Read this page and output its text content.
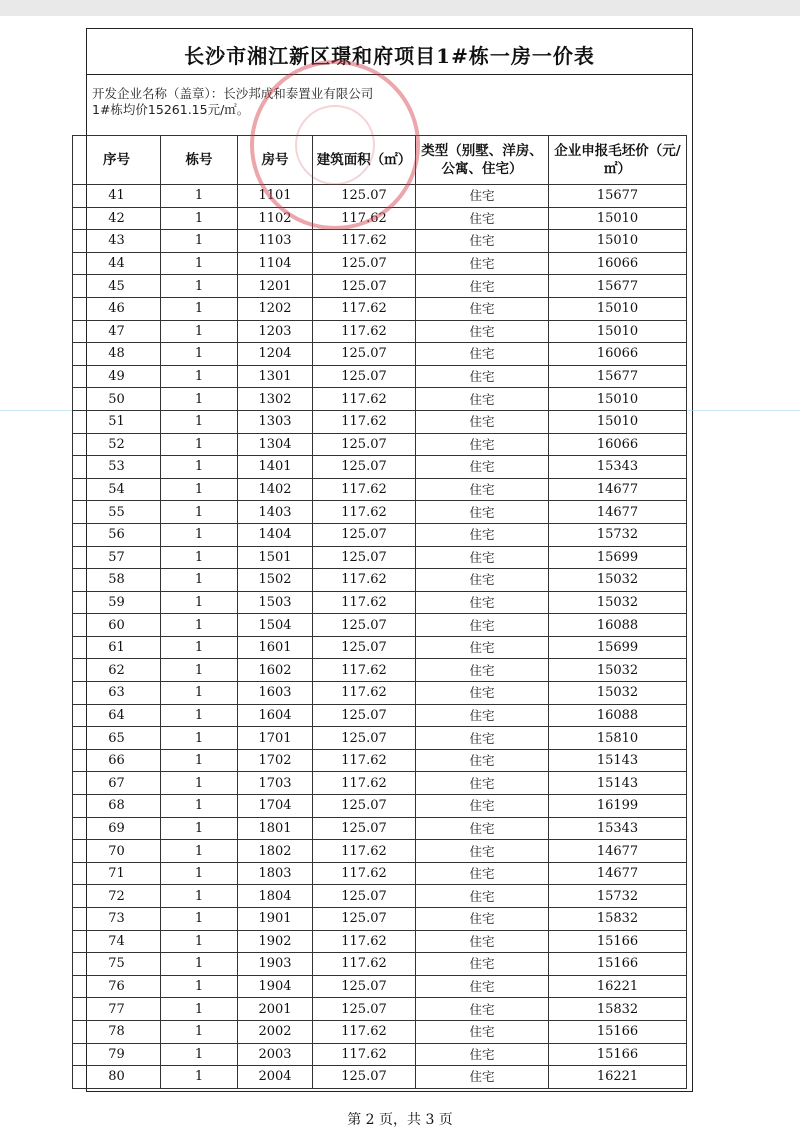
长沙市湘江新区璟和府项目1#栋一房一价表
开发企业名称（盖章）：长沙邦成和泰置业有限公司
1#栋均价15261.15元/㎡。
序号	栋号	房号	建筑面积（㎡）	类型（别墅、洋房、公寓、住宅）	企业申报毛坯价（元/㎡）
41	1	1101	125.07	住宅	15677
42	1	1102	117.62	住宅	15010
43	1	1103	117.62	住宅	15010
44	1	1104	125.07	住宅	16066
45	1	1201	125.07	住宅	15677
46	1	1202	117.62	住宅	15010
47	1	1203	117.62	住宅	15010
48	1	1204	125.07	住宅	16066
49	1	1301	125.07	住宅	15677
50	1	1302	117.62	住宅	15010
51	1	1303	117.62	住宅	15010
52	1	1304	125.07	住宅	16066
53	1	1401	125.07	住宅	15343
54	1	1402	117.62	住宅	14677
55	1	1403	117.62	住宅	14677
56	1	1404	125.07	住宅	15732
57	1	1501	125.07	住宅	15699
58	1	1502	117.62	住宅	15032
59	1	1503	117.62	住宅	15032
60	1	1504	125.07	住宅	16088
61	1	1601	125.07	住宅	15699
62	1	1602	117.62	住宅	15032
63	1	1603	117.62	住宅	15032
64	1	1604	125.07	住宅	16088
65	1	1701	125.07	住宅	15810
66	1	1702	117.62	住宅	15143
67	1	1703	117.62	住宅	15143
68	1	1704	125.07	住宅	16199
69	1	1801	125.07	住宅	15343
70	1	1802	117.62	住宅	14677
71	1	1803	117.62	住宅	14677
72	1	1804	125.07	住宅	15732
73	1	1901	125.07	住宅	15832
74	1	1902	117.62	住宅	15166
75	1	1903	117.62	住宅	15166
76	1	1904	125.07	住宅	16221
77	1	2001	125.07	住宅	15832
78	1	2002	117.62	住宅	15166
79	1	2003	117.62	住宅	15166
80	1	2004	125.07	住宅	16221
第 2 页，共 3 页
